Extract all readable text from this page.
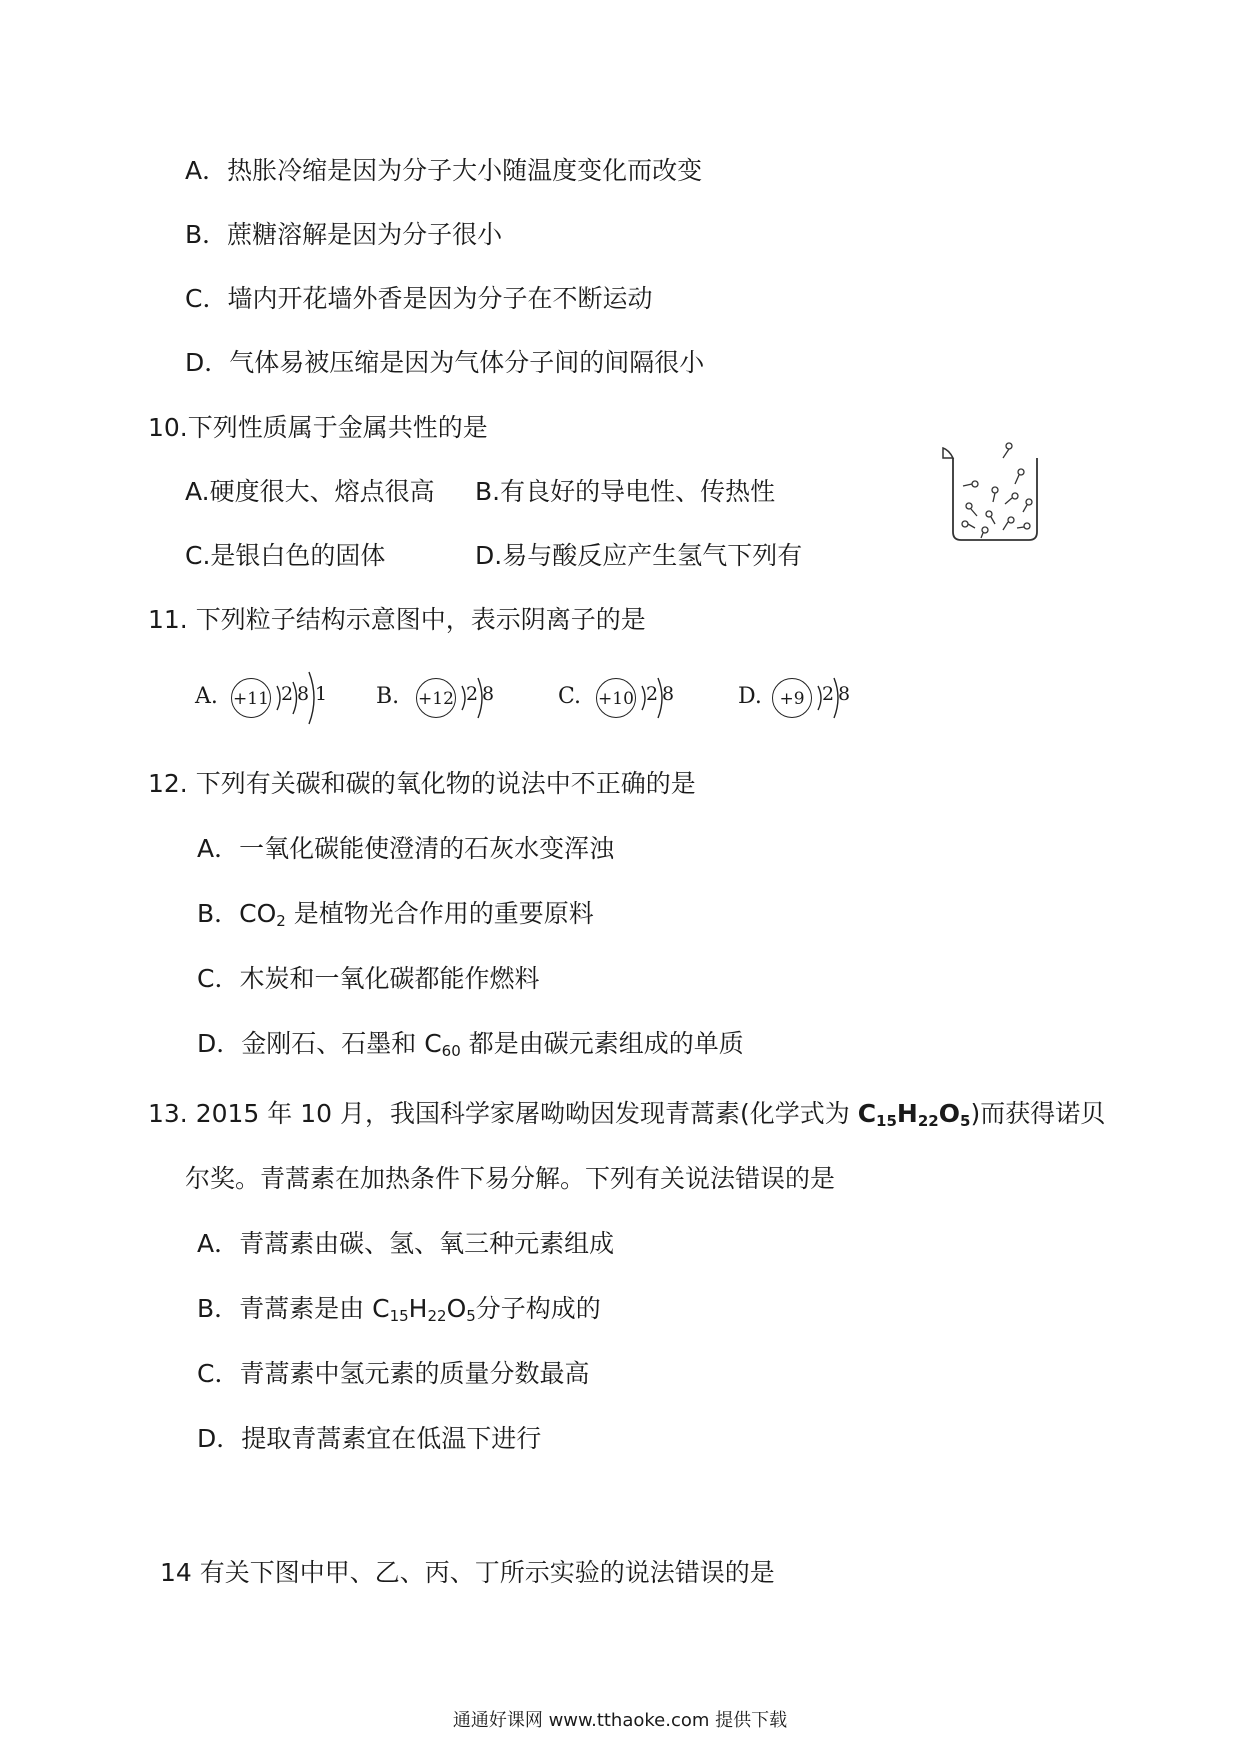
A．热胀冷缩是因为分子大小随温度变化而改变
B．蔗糖溶解是因为分子很小
C．墙内开花墙外香是因为分子在不断运动
D．气体易被压缩是因为气体分子间的间隔很小
10.下列性质属于金属共性的是
A.硬度很大、熔点很高 B.有良好的导电性、传热性
C.是银白色的固体	D.易与酸反应产生氢气下列有
11. 下列粒子结构示意图中，表示阴离子的是
A. +11 2 8 1 B. +12 2 8	C. +10 2 8	D.	+9 2 8
12. 下列有关碳和碳的氧化物的说法中不正确的是
A．一氧化碳能使澄清的石灰水变浑浊
B．$CO_2$ 是植物光合作用的重要原料
C．木炭和一氧化碳都能作燃料
D．金刚石、石墨和 $C_{60}$ 都是由碳元素组成的单质
13. 2015 年 10 月，我国科学家屠呦呦因发现青蒿素(化学式为 $C_{15}H_{22}O_5$)而获得诺贝
尔奖。青蒿素在加热条件下易分解。下列有关说法错误的是
A．青蒿素由碳、氢、氧三种元素组成
B．青蒿素是由 $C_{15}H_{22}O_5$分子构成的
C．青蒿素中氢元素的质量分数最高
D．提取青蒿素宜在低温下进行
14 有关下图中甲、乙、丙、丁所示实验的说法错误的是
通通好课网 www.tthaoke.com 提供下载
